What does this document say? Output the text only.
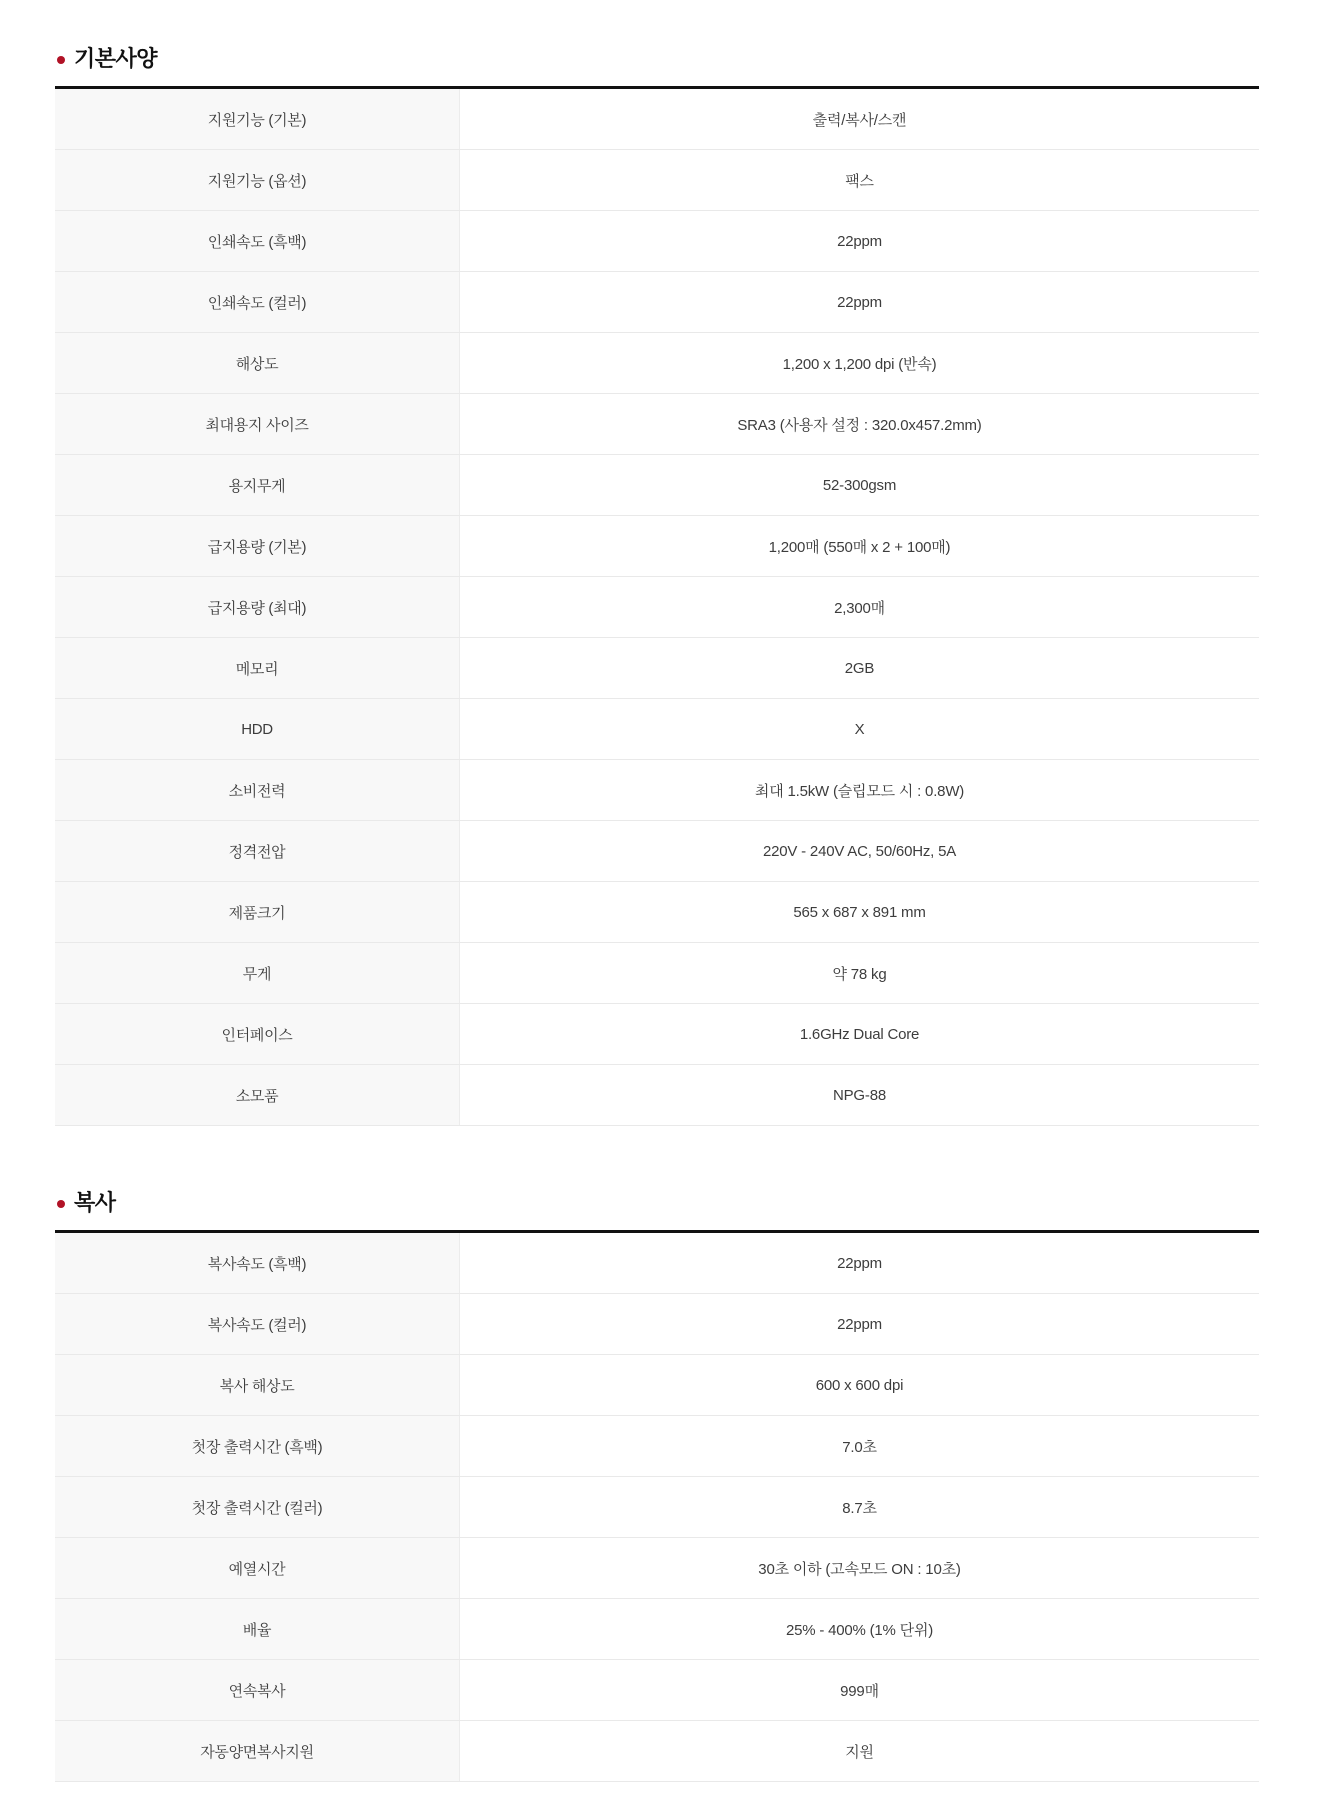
기본사양
지원기능 (기본)	출력/복사/스캔
지원기능 (옵션)	팩스
인쇄속도 (흑백)	22ppm
인쇄속도 (컬러)	22ppm
해상도	1,200 x 1,200 dpi (반속)
최대용지 사이즈	SRA3 (사용자 설정 : 320.0x457.2mm)
용지무게	52-300gsm
급지용량 (기본)	1,200매 (550매 x 2 + 100매)
급지용량 (최대)	2,300매
메모리	2GB
HDD	X
소비전력	최대 1.5kW (슬립모드 시 : 0.8W)
정격전압	220V - 240V AC, 50/60Hz, 5A
제품크기	565 x 687 x 891 mm
무게	약 78 kg
인터페이스	1.6GHz Dual Core
소모품	NPG-88
복사
복사속도 (흑백)	22ppm
복사속도 (컬러)	22ppm
복사 해상도	600 x 600 dpi
첫장 출력시간 (흑백)	7.0초
첫장 출력시간 (컬러)	8.7초
예열시간	30초 이하 (고속모드 ON : 10초)
배율	25% - 400% (1% 단위)
연속복사	999매
자동양면복사지원	지원
